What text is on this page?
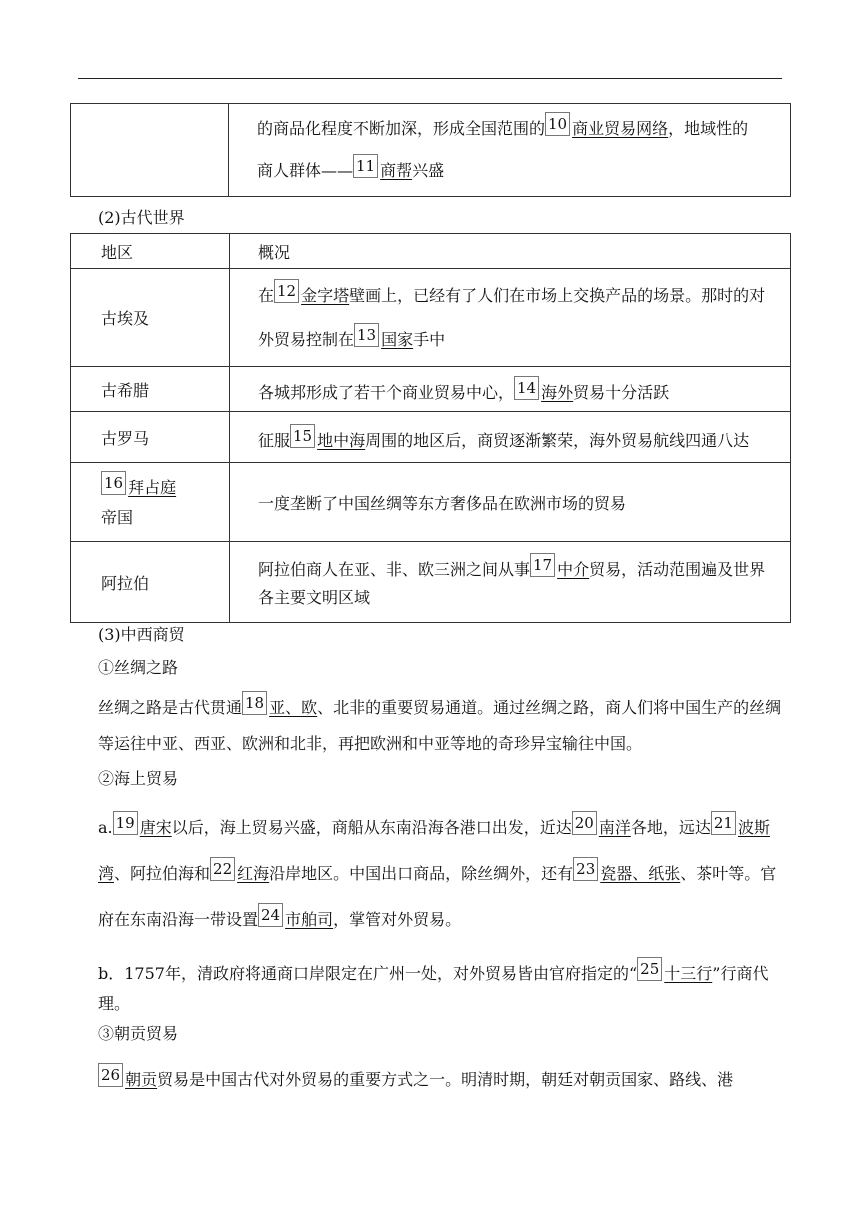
	的商品化程度不断加深，形成全国范围的 10 商业贸易网络，地域性的
商人群体—— 11 商帮兴盛
(2)古代世界
地区	概况
古埃及	在 12 金字塔壁画上，已经有了人们在市场上交换产品的场景。那时的对外贸易控制在 13 国家手中
古希腊	各城邦形成了若干个商业贸易中心， 14 海外贸易十分活跃
古罗马	征服 15 地中海周围的地区后，商贸逐渐繁荣，海外贸易航线四通八达
16 拜占庭
帝国	一度垄断了中国丝绸等东方奢侈品在欧洲市场的贸易
阿拉伯	阿拉伯商人在亚、非、欧三洲之间从事 17 中介贸易，活动范围遍及世界各主要文明区域
(3)中西商贸
①丝绸之路
丝绸之路是古代贯通 18 亚、欧、北非的重要贸易通道。通过丝绸之路，商人们将中国生产的丝绸等运往中亚、西亚、欧洲和北非，再把欧洲和中亚等地的奇珍异宝输往中国。
②海上贸易
a. 19 唐宋以后，海上贸易兴盛，商船从东南沿海各港口出发，近达 20 南洋各地，远达 21 波斯湾、阿拉伯海和 22 红海沿岸地区。中国出口商品，除丝绸外，还有 23 瓷器、纸张、茶叶等。官府在东南沿海一带设置 24 市舶司，掌管对外贸易。
b．1757年，清政府将通商口岸限定在广州一处，对外贸易皆由官府指定的“ 25 十三行”行商代理。
③朝贡贸易
26 朝贡贸易是中国古代对外贸易的重要方式之一。明清时期，朝廷对朝贡国家、路线、港
